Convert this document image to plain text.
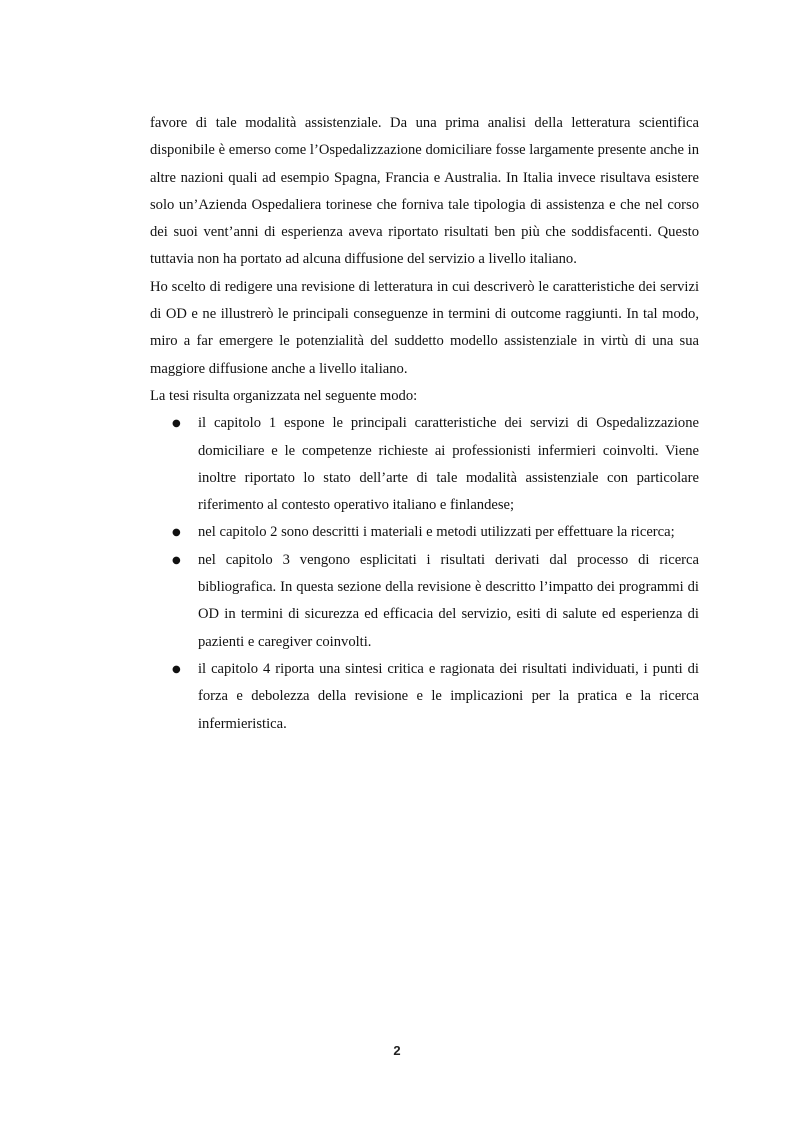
favore di tale modalità assistenziale. Da una prima analisi della letteratura scientifica disponibile è emerso come l’Ospedalizzazione domiciliare fosse largamente presente anche in altre nazioni quali ad esempio Spagna, Francia e Australia. In Italia invece risultava esistere solo un’Azienda Ospedaliera torinese che forniva tale tipologia di assistenza e che nel corso dei suoi vent’anni di esperienza aveva riportato risultati ben più che soddisfacenti. Questo tuttavia non ha portato ad alcuna diffusione del servizio a livello italiano.

Ho scelto di redigere una revisione di letteratura in cui descriverò le caratteristiche dei servizi di OD e ne illustrerò le principali conseguenze in termini di outcome raggiunti. In tal modo, miro a far emergere le potenzialità del suddetto modello assistenziale in virtù di una sua maggiore diffusione anche a livello italiano.

La tesi risulta organizzata nel seguente modo:

● il capitolo 1 espone le principali caratteristiche dei servizi di Ospedalizzazione domiciliare e le competenze richieste ai professionisti infermieri coinvolti. Viene inoltre riportato lo stato dell’arte di tale modalità assistenziale con particolare riferimento al contesto operativo italiano e finlandese;
● nel capitolo 2 sono descritti i materiali e metodi utilizzati per effettuare la ricerca;
● nel capitolo 3 vengono esplicitati i risultati derivati dal processo di ricerca bibliografica. In questa sezione della revisione è descritto l’impatto dei programmi di OD in termini di sicurezza ed efficacia del servizio, esiti di salute ed esperienza di pazienti e caregiver coinvolti.
● il capitolo 4 riporta una sintesi critica e ragionata dei risultati individuati, i punti di forza e debolezza della revisione e le implicazioni per la pratica e la ricerca infermieristica.
2
